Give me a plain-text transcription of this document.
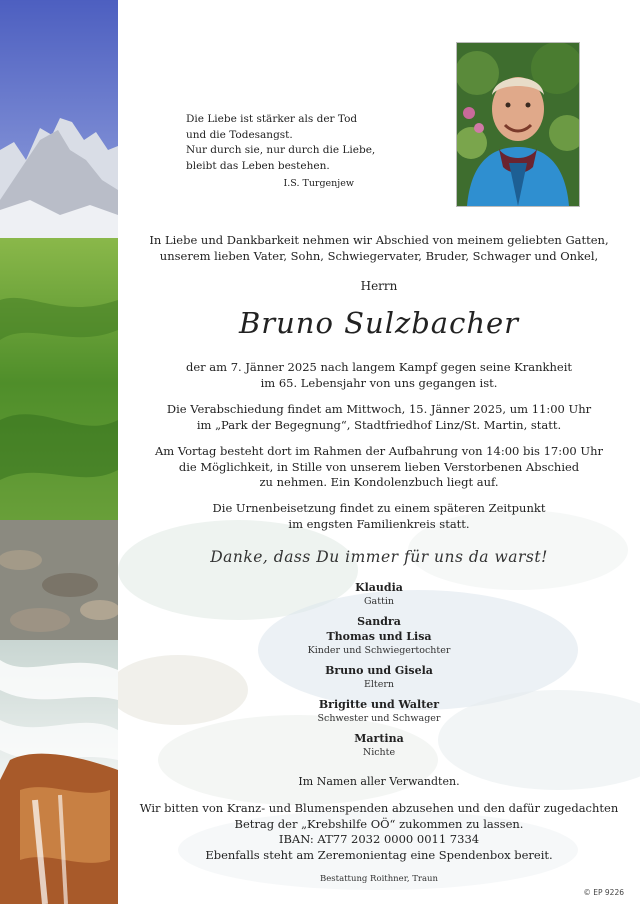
Die Liebe ist stärker als der Tod
und die Todesangst.
Nur durch sie, nur durch die Liebe,
bleibt das Leben bestehen.
I.S. Turgenjew
In Liebe und Dankbarkeit nehmen wir Abschied von meinem geliebten Gatten,
unserem lieben Vater, Sohn, Schwiegervater, Bruder, Schwager und Onkel,
Herrn
Bruno Sulzbacher
der am 7. Jänner 2025 nach langem Kampf gegen seine Krankheit
im 65. Lebensjahr von uns gegangen ist.
Die Verabschiedung findet am Mittwoch, 15. Jänner 2025, um 11:00 Uhr
im „Park der Begegnung“, Stadtfriedhof Linz/St. Martin, statt.
Am Vortag besteht dort im Rahmen der Aufbahrung von 14:00 bis 17:00 Uhr
die Möglichkeit, in Stille von unserem lieben Verstorbenen Abschied
zu nehmen. Ein Kondolenzbuch liegt auf.
Die Urnenbeisetzung findet zu einem späteren Zeitpunkt
im engsten Familienkreis statt.
Danke, dass Du immer für uns da warst!
Klaudia
Gattin
Sandra
Thomas und Lisa
Kinder und Schwiegertochter
Bruno und Gisela
Eltern
Brigitte und Walter
Schwester und Schwager
Martina
Nichte
Im Namen aller Verwandten.
Wir bitten von Kranz- und Blumenspenden abzusehen und den dafür zugedachten
Betrag der „Krebshilfe OÖ“ zukommen zu lassen.
IBAN: AT77 2032 0000 0011 7334
Ebenfalls steht am Zeremonientag eine Spendenbox bereit.
Bestattung Roithner, Traun
© EP 9226
